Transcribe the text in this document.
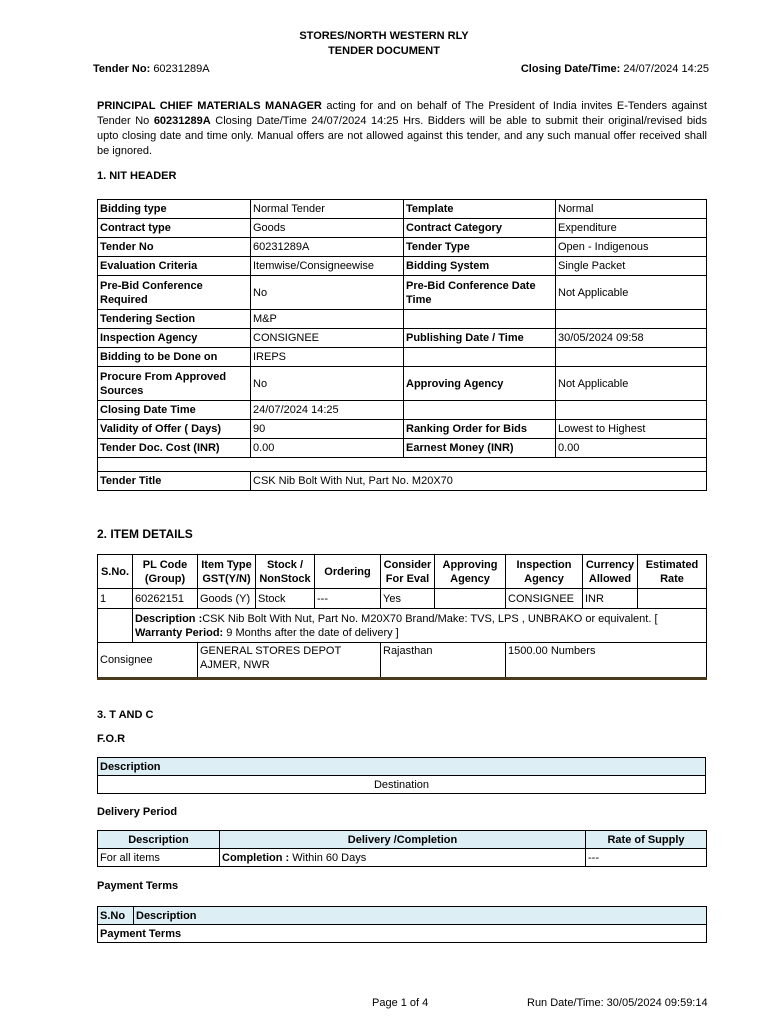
STORES/NORTH WESTERN RLY
TENDER DOCUMENT
Tender No: 60231289A	Closing Date/Time: 24/07/2024 14:25
PRINCIPAL CHIEF MATERIALS MANAGER acting for and on behalf of The President of India invites E-Tenders against Tender No 60231289A Closing Date/Time 24/07/2024 14:25 Hrs. Bidders will be able to submit their original/revised bids upto closing date and time only. Manual offers are not allowed against this tender, and any such manual offer received shall be ignored.
1. NIT HEADER
Bidding type	Normal Tender	Template	Normal
Contract type	Goods	Contract Category	Expenditure
Tender No	60231289A	Tender Type	Open - Indigenous
Evaluation Criteria	Itemwise/Consigneewise	Bidding System	Single Packet
Pre-Bid Conference Required	No	Pre-Bid Conference Date Time	Not Applicable
Tendering Section	M&P		
Inspection Agency	CONSIGNEE	Publishing Date / Time	30/05/2024 09:58
Bidding to be Done on	IREPS		
Procure From Approved Sources	No	Approving Agency	Not Applicable
Closing Date Time	24/07/2024 14:25		
Validity of Offer ( Days)	90	Ranking Order for Bids	Lowest to Highest
Tender Doc. Cost (INR)	0.00	Earnest Money (INR)	0.00

Tender Title	CSK Nib Bolt With Nut, Part No. M20X70		
2. ITEM DETAILS
S.No.	PL Code (Group)	Item Type GST(Y/N)	Stock / NonStock	Ordering	Consider For Eval	Approving Agency	Inspection Agency	Currency Allowed	Estimated Rate
1	60262151	Goods (Y)	Stock	---	Yes		CONSIGNEE	INR	
	Description :CSK Nib Bolt With Nut, Part No. M20X70 Brand/Make: TVS, LPS , UNBRAKO or equivalent. [ Warranty Period: 9 Months after the date of delivery ]								
Consignee		GENERAL STORES DEPOT AJMER, NWR			Rajasthan		1500.00 Numbers		
3. T AND C
F.O.R
Description
Destination
Delivery Period
Description	Delivery /Completion	Rate of Supply
For all items	Completion : Within 60 Days	---
Payment Terms
S.No	Description
Payment Terms
Page 1 of 4	Run Date/Time: 30/05/2024 09:59:14
